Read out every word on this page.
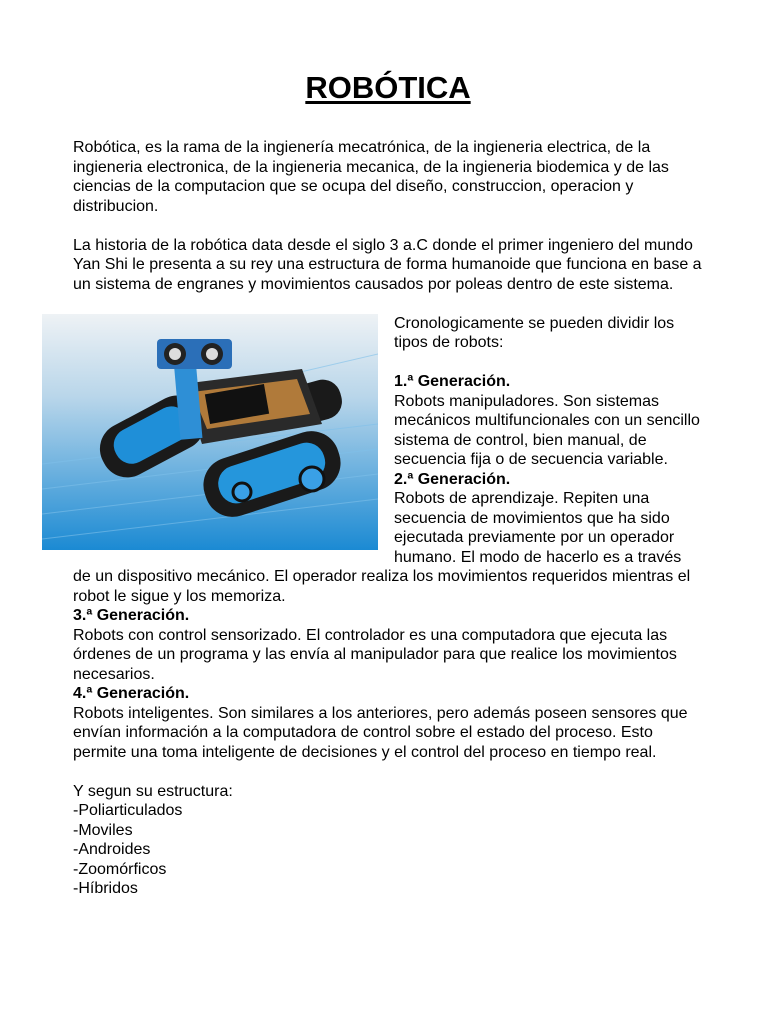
ROBÓTICA

Robótica, es la rama de la ingienería mecatrónica, de la ingieneria electrica, de la ingieneria electronica, de la ingieneria mecanica, de la ingieneria biodemica y de las ciencias de la computacion que se ocupa del diseño, construccion, operacion y distribucion.

La historia de la robótica data desde el siglo 3 a.C donde el primer ingeniero del mundo Yan Shi le presenta a su rey una estructura de forma humanoide que funciona en base a un sistema de engranes y movimientos causados por poleas dentro de este sistema.

Cronologicamente se pueden dividir los tipos de robots:

1.ª Generación.

Robots manipuladores. Son sistemas mecánicos multifuncionales con un sencillo sistema de control, bien manual, de secuencia fija o de secuencia variable.

2.ª Generación.

Robots de aprendizaje. Repiten una secuencia de movimientos que ha sido ejecutada previamente por un operador humano. El modo de hacerlo es a través de un dispositivo mecánico. El operador realiza los movimientos requeridos mientras el robot le sigue y los memoriza.

3.ª Generación.

Robots con control sensorizado. El controlador es una computadora que ejecuta las órdenes de un programa y las envía al manipulador para que realice los movimientos necesarios.

4.ª Generación.

Robots inteligentes. Son similares a los anteriores, pero además poseen sensores que envían información a la computadora de control sobre el estado del proceso. Esto permite una toma inteligente de decisiones y el control del proceso en tiempo real.

Y segun su estructura:

-Poliarticulados
-Moviles
-Androides
-Zoomórficos
-Híbridos
